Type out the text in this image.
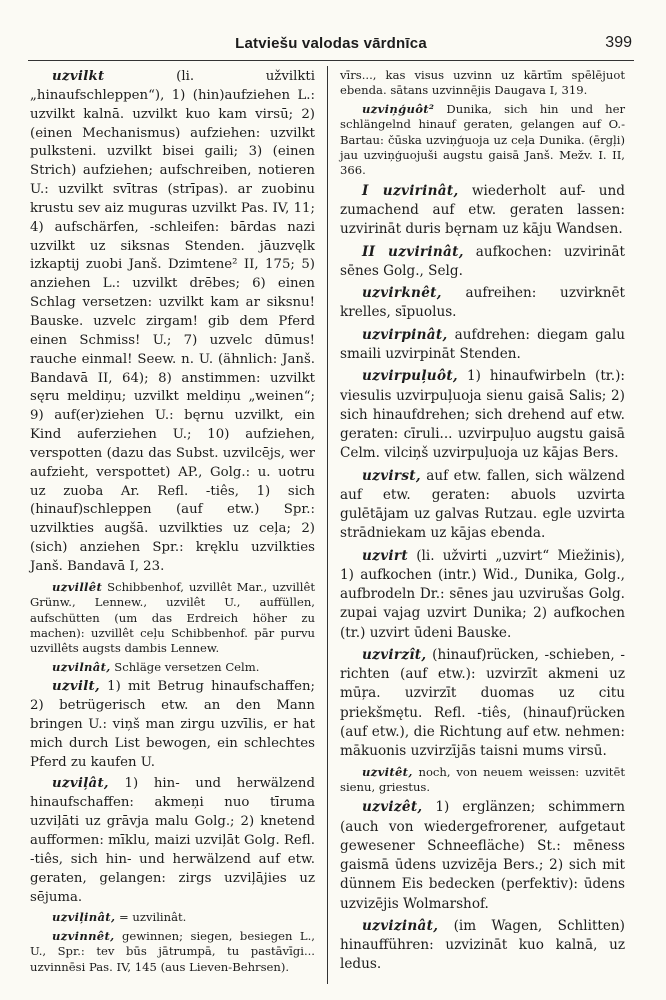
Latviešu valodas vārdnīca	399

uzvilkt (li. užvilkti „hinaufschleppen“), 1) (hin)aufziehen L.: uzvilkt kalnā. uzvilkt kuo kam virsū; 2) (einen Mechanismus) aufziehen: uzvilkt pulksteni. uzvilkt bisei gaili; 3) (einen Strich) aufziehen; aufschreiben, notieren U.: uzvilkt svītras (strīpas). ar zuobinu krustu sev aiz muguras uzvilkt Pas. IV, 11; 4) aufschärfen, -schleifen: bārdas nazi uzvilkt uz siksnas Stenden. jāuzvęlk izkaptij zuobi Janš. Dzimtene² II, 175; 5) anziehen L.: uzvilkt drēbes; 6) einen Schlag versetzen: uzvilkt kam ar siksnu! Bauske. uzvelc zirgam! gib dem Pferd einen Schmiss! U.; 7) uzvelc dūmus! rauche einmal! Seew. n. U. (ähnlich: Janš. Bandavā II, 64); 8) anstimmen: uzvilkt sęru meldiņu; uzvilkt meldiņu „weinen“; 9) auf(er)ziehen U.: bęrnu uzvilkt, ein Kind auferziehen U.; 10) aufziehen, verspotten (dazu das Subst. uzvilcējs, wer aufzieht, verspottet) AP., Golg.: u. uotru uz zuoba Ar. Refl. -tiês, 1) sich (hinauf)schleppen (auf etw.) Spr.: uzvilkties augšā. uzvilkties uz ceļa; 2) (sich) anziehen Spr.: kręklu uzvilkties Janš. Bandavā I, 23.

uzvillêt Schibbenhof, uzvillêt Mar., uzvillêt Grünw., Lennew., uzvilêt U., auffüllen, aufschütten (um das Erdreich höher zu machen): uzvillêt ceļu Schibbenhof. pār purvu uzvillêts augsts dambis Lennew.

uzvilnât, Schläge versetzen Celm.

uzvilt, 1) mit Betrug hinaufschaffen; 2) betrügerisch etw. an den Mann bringen U.: viņš man zirgu uzvīlis, er hat mich durch List bewogen, ein schlechtes Pferd zu kaufen U.

uzviļât, 1) hin- und herwälzend hinaufschaffen: akmeņi nuo tīruma uzviļāti uz grāvja malu Golg.; 2) knetend aufformen: mīklu, maizi uzviļāt Golg. Refl. -tiês, sich hin- und herwälzend auf etw. geraten, gelangen: zirgs uzviļājies uz sējuma.

uzviļinât, = uzvilinât.

uzvinnêt, gewinnen; siegen, besiegen L., U., Spr.: tev būs jātrumpā, tu pastāvīgi... uzvinnēsi Pas. IV, 145 (aus Lieven-Behrsen).

vīrs..., kas visus uzvinn uz kārtīm spēlējuot ebenda. sātans uzvinnējis Daugava I, 319.

uzviņģuôt² Dunika, sich hin und her schlängelnd hinauf geraten, gelangen auf O.-Bartau: čūska uzviņģuoja uz ceļa Dunika. (ērgļi) jau uzviņģuojuši augstu gaisā Janš. Mežv. I. II, 366.

I uzvirinât, wiederholt auf- und zumachend auf etw. geraten lassen: uzvirināt duris bęrnam uz kāju Wandsen.

II uzvirinât, aufkochen: uzvirināt sēnes Golg., Selg.

uzvirknêt, aufreihen: uzvirknēt krelles, sīpuolus.

uzvirpinât, aufdrehen: diegam galu smaili uzvirpināt Stenden.

uzvirpuļuôt, 1) hinaufwirbeln (tr.): viesulis uzvirpuļuoja sienu gaisā Salis; 2) sich hinaufdrehen; sich drehend auf etw. geraten: cīruli... uzvirpuļuo augstu gaisā Celm. vilciņš uzvirpuļuoja uz kājas Bers.

uzvirst, auf etw. fallen, sich wälzend auf etw. geraten: abuols uzvirta gulētājam uz galvas Rutzau. egle uzvirta strādniekam uz kājas ebenda.

uzvirt (li. užvirti „uzvirt“ Miežinis), 1) aufkochen (intr.) Wid., Dunika, Golg., aufbrodeln Dr.: sēnes jau uzvirušas Golg. zupai vajag uzvirt Dunika; 2) aufkochen (tr.) uzvirt ūdeni Bauske.

uzvirzît, (hinauf)rücken, -schieben, -richten (auf etw.): uzvirzīt akmeni uz mūŗa. uzvirzīt duomas uz citu priekšmętu. Refl. -tiês, (hinauf)rücken (auf etw.), die Richtung auf etw. nehmen: mākuonis uzvirzījās taisni mums virsū.

uzvitêt, noch, von neuem weissen: uzvitēt sienu, griestus.

uzvizêt, 1) erglänzen; schimmern (auch von wiedergefrorener, aufgetaut gewesener Schneefläche) St.: mēness gaismā ūdens uzvizēja Bers.; 2) sich mit dünnem Eis bedecken (perfektiv): ūdens uzvizējis Wolmarshof.

uzvizinât, (im Wagen, Schlitten) hinaufführen: uzvizināt kuo kalnā, uz ledus.
